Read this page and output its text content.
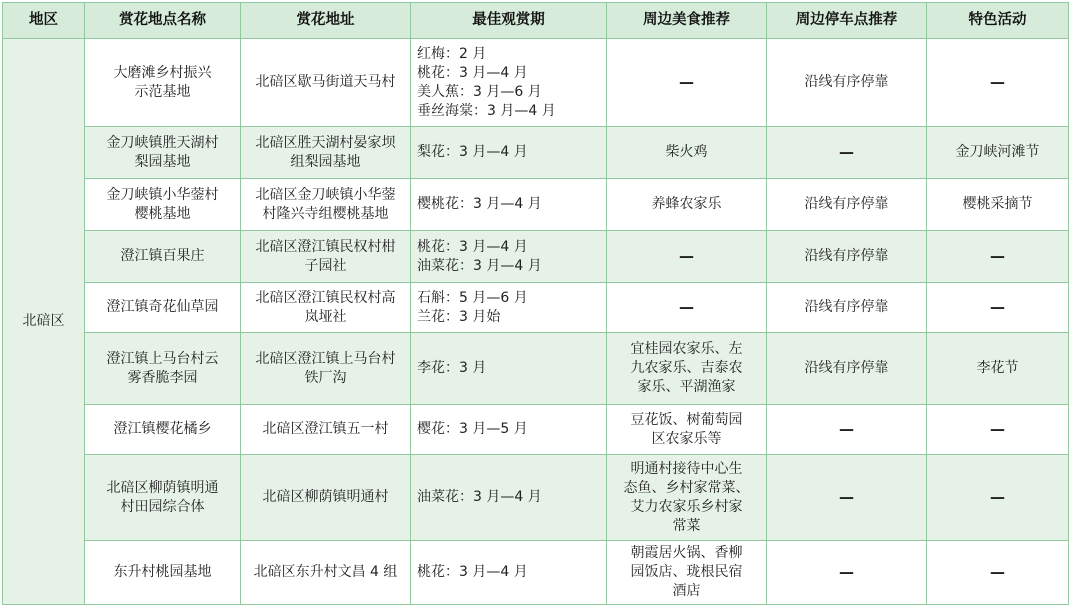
地区	赏花地点名称	赏花地址	最佳观赏期	周边美食推荐	周边停车点推荐	特色活动
北碚区	大磨滩乡村振兴
示范基地	北碚区歇马街道天马村	红梅：2 月
桃花：3 月—4 月
美人蕉：3 月—6 月
垂丝海棠：3 月—4 月	—	沿线有序停靠	—

	金刀峡镇胜天湖村
梨园基地	北碚区胜天湖村晏家坝
组梨园基地	梨花：3 月—4 月	柴火鸡	—	金刀峡河滩节

	金刀峡镇小华蓥村
樱桃基地	北碚区金刀峡镇小华蓥
村隆兴寺组樱桃基地	樱桃花：3 月—4 月	养蜂农家乐	沿线有序停靠	樱桃采摘节

	澄江镇百果庄	北碚区澄江镇民权村柑
子园社	桃花：3 月—4 月
油菜花：3 月—4 月	—	沿线有序停靠	—

	澄江镇奇花仙草园	北碚区澄江镇民权村高
岚垭社	石斛：5 月—6 月
兰花：3 月始	—	沿线有序停靠	—

	澄江镇上马台村云
雾香脆李园	北碚区澄江镇上马台村
铁厂沟	李花：3 月	宜桂园农家乐、左
九农家乐、吉泰农
家乐、平湖渔家	沿线有序停靠	李花节

	澄江镇樱花橘乡	北碚区澄江镇五一村	樱花：3 月—5 月	豆花饭、树葡萄园
区农家乐等	—	—

	北碚区柳荫镇明通
村田园综合体	北碚区柳荫镇明通村	油菜花：3 月—4 月	明通村接待中心生
态鱼、乡村家常菜、
艾力农家乐乡村家
常菜	—	—

	东升村桃园基地	北碚区东升村文昌 4 组	桃花：3 月—4 月	朝霞居火锅、香柳
园饭店、珑根民宿
酒店	—	—
